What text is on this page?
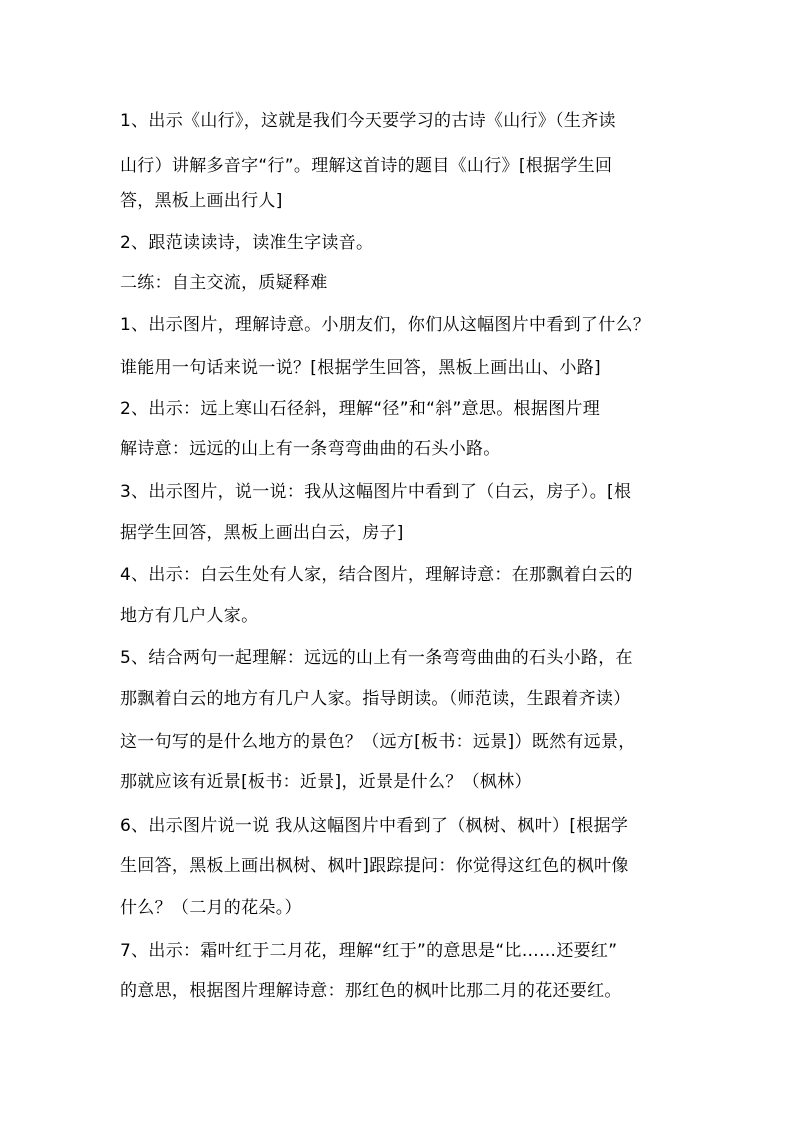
1、出示《山行》，这就是我们今天要学习的古诗《山行》（生齐读
山行）讲解多音字“行”。理解这首诗的题目《山行》[根据学生回
答，黑板上画出行人]
2、跟范读读诗，读准生字读音。
二练：自主交流，质疑释难
1、出示图片，理解诗意。小朋友们，你们从这幅图片中看到了什么？
谁能用一句话来说一说？[根据学生回答，黑板上画出山、小路]
2、出示：远上寒山石径斜，理解“径”和“斜”意思。根据图片理
解诗意：远远的山上有一条弯弯曲曲的石头小路。
3、出示图片，说一说：我从这幅图片中看到了（白云，房子）。[根
据学生回答，黑板上画出白云，房子]
4、出示：白云生处有人家，结合图片，理解诗意：在那飘着白云的
地方有几户人家。
5、结合两句一起理解：远远的山上有一条弯弯曲曲的石头小路，在
那飘着白云的地方有几户人家。指导朗读。（师范读，生跟着齐读）
这一句写的是什么地方的景色？（远方[板书：远景]）既然有远景，
那就应该有近景[板书：近景]，近景是什么？（枫林）
6、出示图片说一说 我从这幅图片中看到了（枫树、枫叶）[根据学
生回答，黑板上画出枫树、枫叶]跟踪提问：你觉得这红色的枫叶像
什么？（二月的花朵。）
7、出示：霜叶红于二月花，理解“红于”的意思是“比……还要红”
的意思，根据图片理解诗意：那红色的枫叶比那二月的花还要红。
